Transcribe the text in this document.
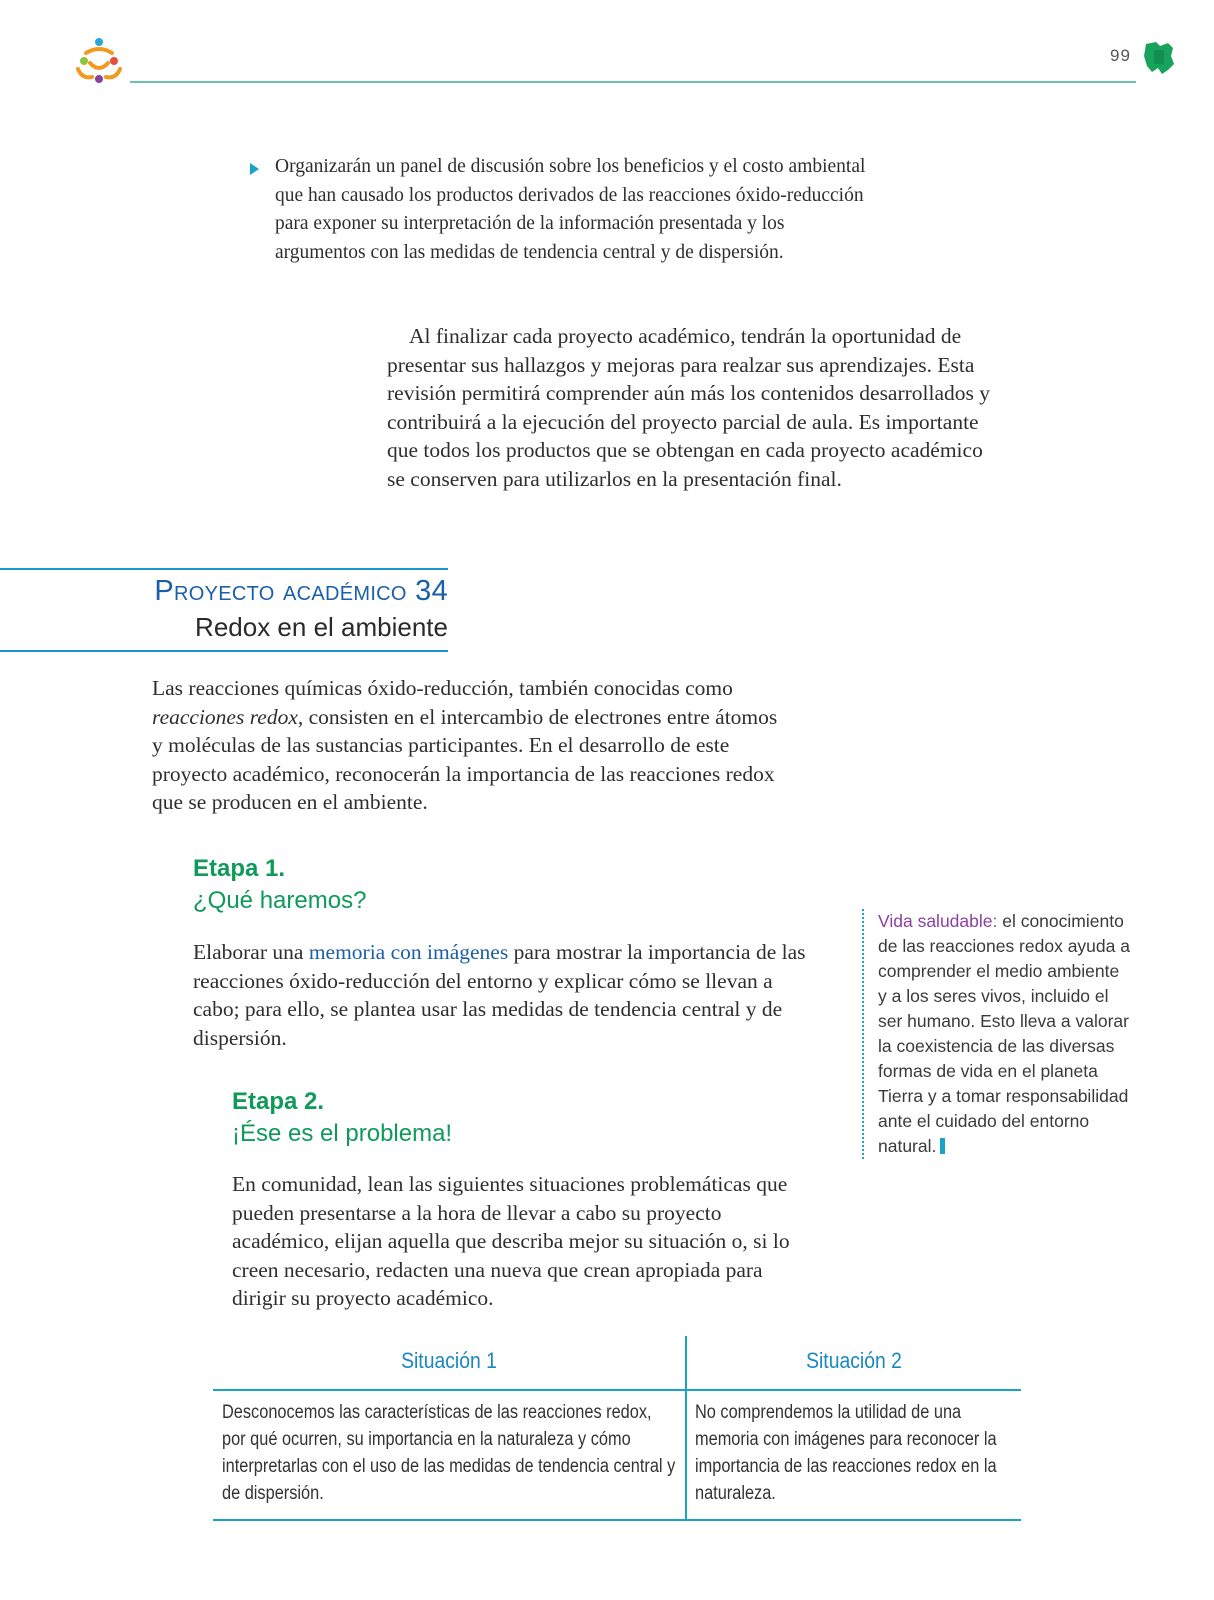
99
Organizarán un panel de discusión sobre los beneficios y el costo ambiental que han causado los productos derivados de las reacciones óxido-reducción para exponer su interpretación de la información presentada y los argumentos con las medidas de tendencia central y de dispersión.
Al finalizar cada proyecto académico, tendrán la oportunidad de presentar sus hallazgos y mejoras para realzar sus aprendizajes. Esta revisión permitirá comprender aún más los contenidos desarrollados y contribuirá a la ejecución del proyecto parcial de aula. Es importante que todos los productos que se obtengan en cada proyecto académico se conserven para utilizarlos en la presentación final.
Proyecto académico 34
Redox en el ambiente
Las reacciones químicas óxido-reducción, también conocidas como reacciones redox, consisten en el intercambio de electrones entre átomos y moléculas de las sustancias participantes. En el desarrollo de este proyecto académico, reconocerán la importancia de las reacciones redox que se producen en el ambiente.
Etapa 1.
¿Qué haremos?
Elaborar una memoria con imágenes para mostrar la importancia de las reacciones óxido-reducción del entorno y explicar cómo se llevan a cabo; para ello, se plantea usar las medidas de tendencia central y de dispersión.
Etapa 2.
¡Ése es el problema!
En comunidad, lean las siguientes situaciones problemáticas que pueden presentarse a la hora de llevar a cabo su proyecto académico, elijan aquella que describa mejor su situación o, si lo creen necesario, redacten una nueva que crean apropiada para dirigir su proyecto académico.
Vida saludable: el conocimiento de las reacciones redox ayuda a comprender el medio ambiente y a los seres vivos, incluido el ser humano. Esto lleva a valorar la coexistencia de las diversas formas de vida en el planeta Tierra y a tomar responsabilidad ante el cuidado del entorno natural.
Situación 1	Situación 2
Desconocemos las características de las reacciones redox, por qué ocurren, su importancia en la naturaleza y cómo interpretarlas con el uso de las medidas de tendencia central y de dispersión.
No comprendemos la utilidad de una memoria con imágenes para reconocer la importancia de las reacciones redox en la naturaleza.
